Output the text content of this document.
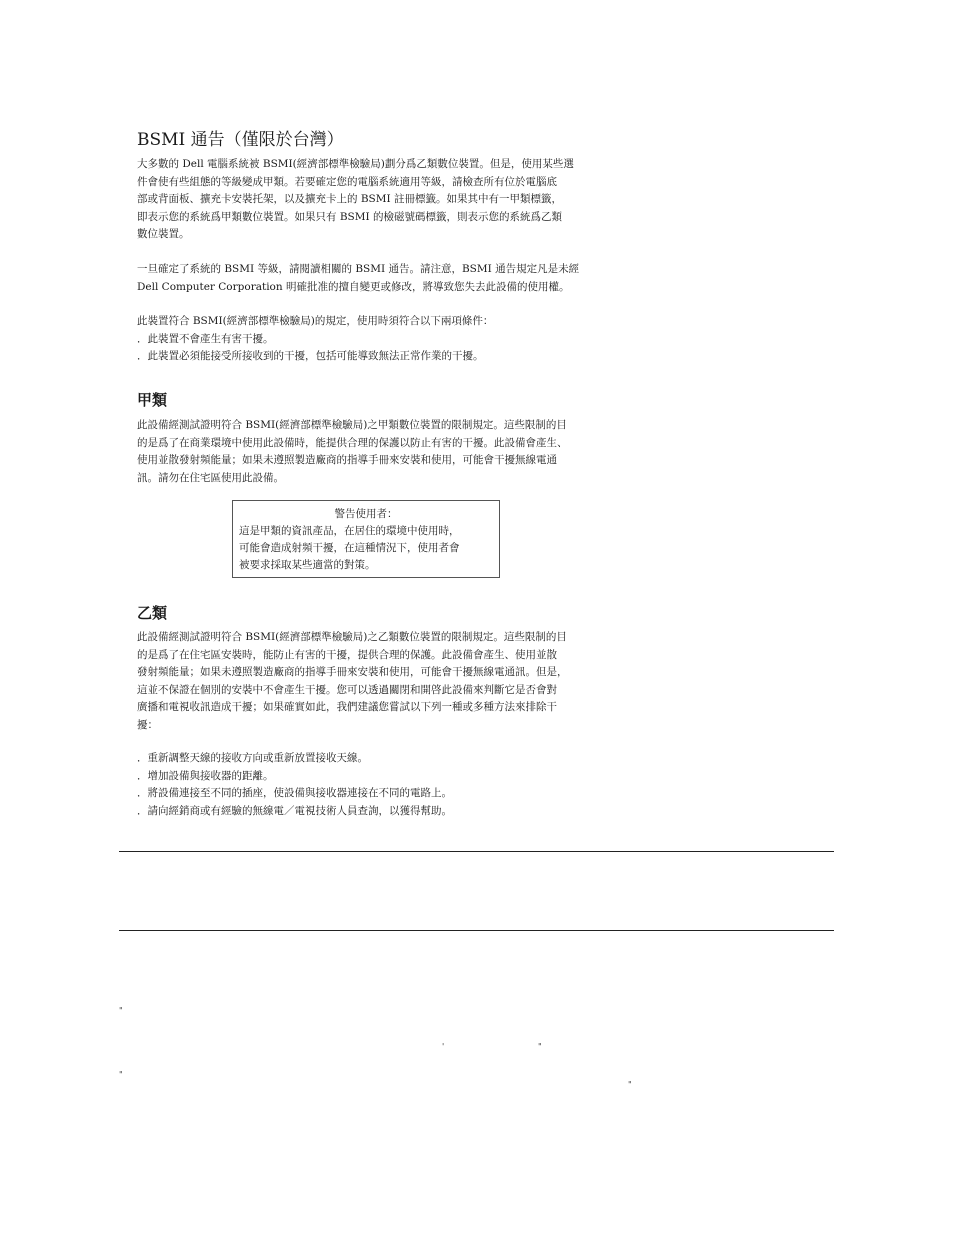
BSMI 通告（僅限於台灣）
大多數的 Dell 電腦系統被 BSMI(經濟部標準檢驗局)劃分爲乙類數位裝置。但是，使用某些選
件會使有些組態的等級變成甲類。若要確定您的電腦系統適用等級，請檢查所有位於電腦底
部或背面板、擴充卡安裝托架，以及擴充卡上的 BSMI 註冊標籤。如果其中有一甲類標籤，
即表示您的系統爲甲類數位裝置。如果只有 BSMI 的檢磁號碼標籤，則表示您的系統爲乙類
數位裝置。
一旦確定了系統的 BSMI 等級，請閱讀相關的 BSMI 通告。請注意，BSMI 通告規定凡是未經
Dell Computer Corporation 明確批准的擅自變更或修改，將導致您失去此設備的使用權。
此裝置符合 BSMI(經濟部標準檢驗局)的規定，使用時須符合以下兩項條件：
．此裝置不會產生有害干擾。
．此裝置必須能接受所接收到的干擾，包括可能導致無法正常作業的干擾。
甲類
此設備經測試證明符合 BSMI(經濟部標準檢驗局)之甲類數位裝置的限制規定。這些限制的目
的是爲了在商業環境中使用此設備時，能提供合理的保護以防止有害的干擾。此設備會產生、
使用並散發射頻能量；如果未遵照製造廠商的指導手冊來安裝和使用，可能會干擾無線電通
訊。請勿在住宅區使用此設備。
警告使用者：
這是甲類的資訊產品，在居住的環境中使用時，
可能會造成射頻干擾，在這種情況下，使用者會
被要求採取某些適當的對策。
乙類
此設備經測試證明符合 BSMI(經濟部標準檢驗局)之乙類數位裝置的限制規定。這些限制的目
的是爲了在住宅區安裝時，能防止有害的干擾，提供合理的保護。此設備會產生、使用並散
發射頻能量；如果未遵照製造廠商的指導手冊來安裝和使用，可能會干擾無線電通訊。但是，
這並不保證在個別的安裝中不會產生干擾。您可以透過關閉和開啓此設備來判斷它是否會對
廣播和電視收訊造成干擾；如果確實如此，我們建議您嘗試以下列一種或多種方法來排除干
擾：
．重新調整天線的接收方向或重新放置接收天線。
．增加設備與接收器的距離。
．將設備連接至不同的插座，使設備與接收器連接在不同的電路上。
．請向經銷商或有經驗的無線電／電視技術人員查詢，以獲得幫助。
"
'	"
"
"
